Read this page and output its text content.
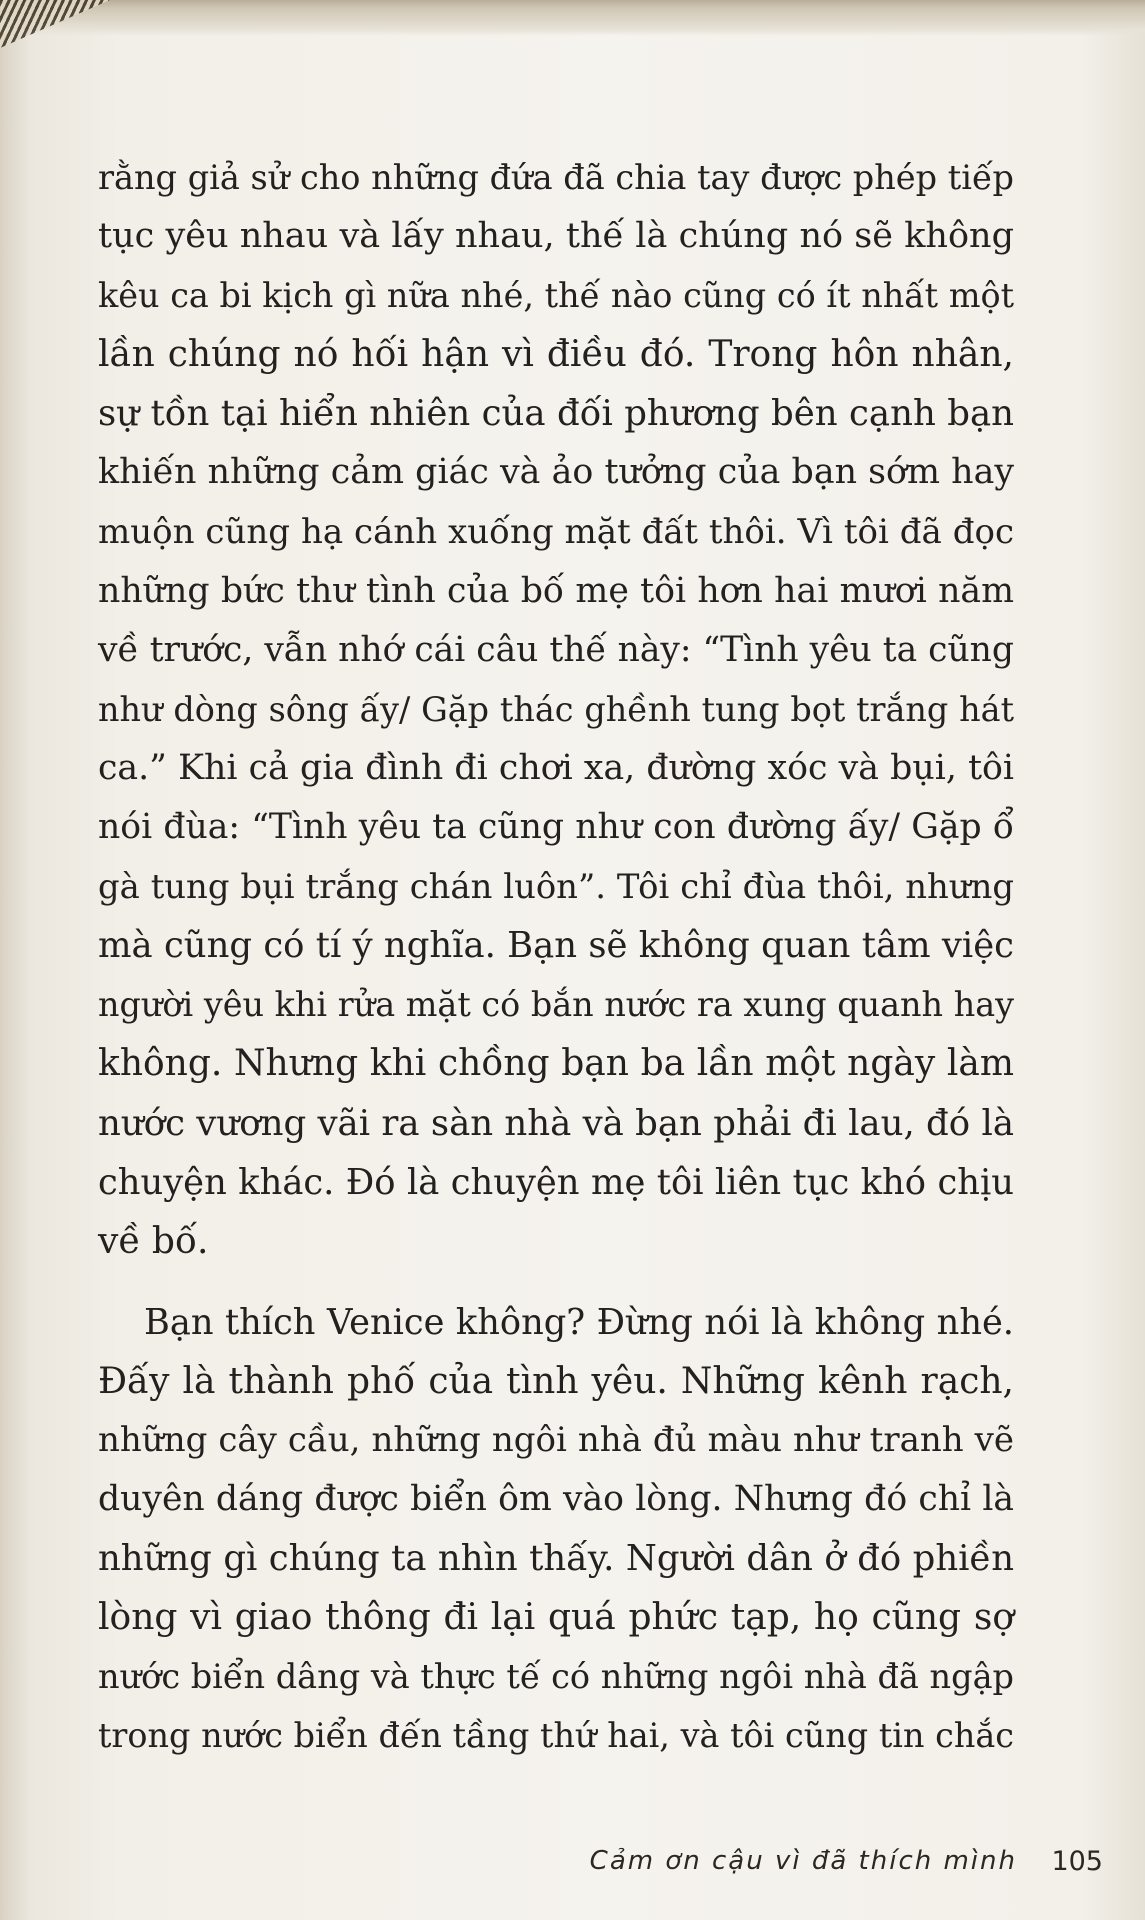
rằng giả sử cho những đứa đã chia tay được phép tiếp
tục yêu nhau và lấy nhau, thế là chúng nó sẽ không
kêu ca bi kịch gì nữa nhé, thế nào cũng có ít nhất một
lần chúng nó hối hận vì điều đó. Trong hôn nhân,
sự tồn tại hiển nhiên của đối phương bên cạnh bạn
khiến những cảm giác và ảo tưởng của bạn sớm hay
muộn cũng hạ cánh xuống mặt đất thôi. Vì tôi đã đọc
những bức thư tình của bố mẹ tôi hơn hai mươi năm
về trước, vẫn nhớ cái câu thế này: “Tình yêu ta cũng
như dòng sông ấy/ Gặp thác ghềnh tung bọt trắng hát
ca.” Khi cả gia đình đi chơi xa, đường xóc và bụi, tôi
nói đùa: “Tình yêu ta cũng như con đường ấy/ Gặp ổ
gà tung bụi trắng chán luôn”. Tôi chỉ đùa thôi, nhưng
mà cũng có tí ý nghĩa. Bạn sẽ không quan tâm việc
người yêu khi rửa mặt có bắn nước ra xung quanh hay
không. Nhưng khi chồng bạn ba lần một ngày làm
nước vương vãi ra sàn nhà và bạn phải đi lau, đó là
chuyện khác. Đó là chuyện mẹ tôi liên tục khó chịu
về bố.
Bạn thích Venice không? Đừng nói là không nhé.
Đấy là thành phố của tình yêu. Những kênh rạch,
những cây cầu, những ngôi nhà đủ màu như tranh vẽ
duyên dáng được biển ôm vào lòng. Nhưng đó chỉ là
những gì chúng ta nhìn thấy. Người dân ở đó phiền
lòng vì giao thông đi lại quá phức tạp, họ cũng sợ
nước biển dâng và thực tế có những ngôi nhà đã ngập
trong nước biển đến tầng thứ hai, và tôi cũng tin chắc
Cảm ơn cậu vì đã thích mình 105
